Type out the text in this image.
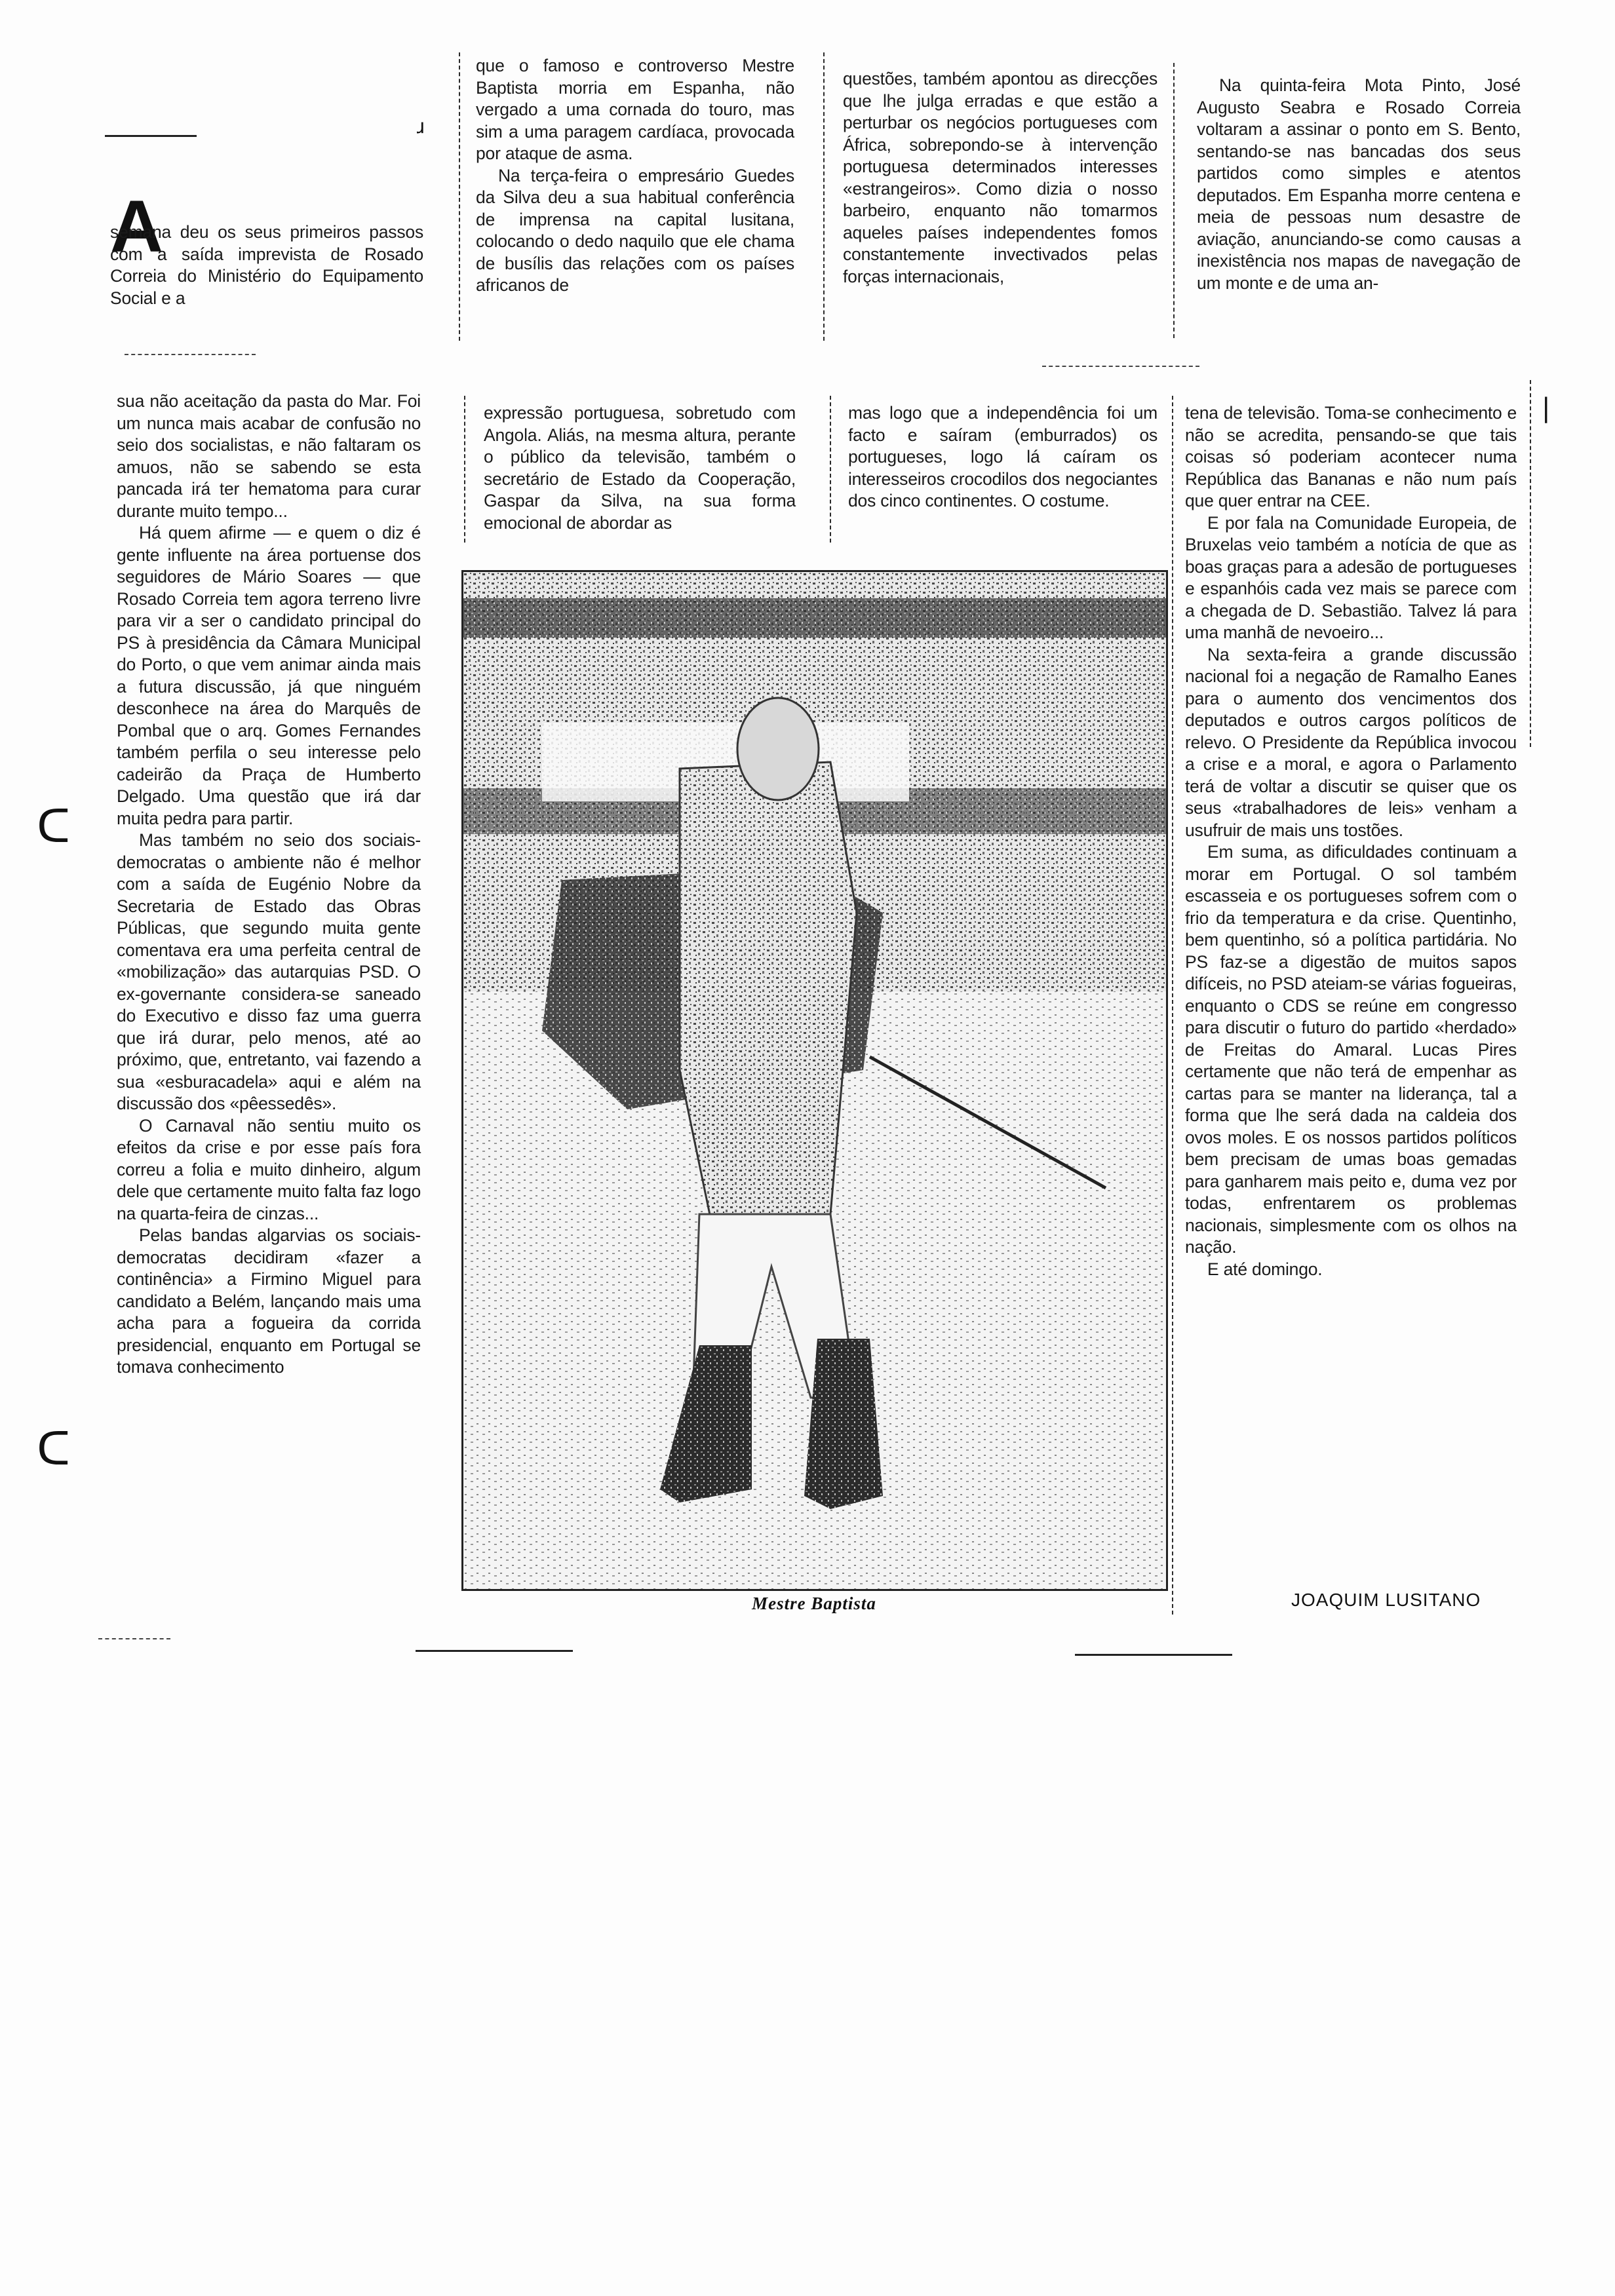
ɹ
A

semana deu os seus primeiros passos com a saída imprevista de Rosado Correia do Ministério do Equipamento Social e a

que o famoso e controverso Mestre Baptista morria em Espanha, não vergado a uma cornada do touro, mas sim a uma paragem cardíaca, provocada por ataque de asma.

Na terça-feira o empresário Guedes da Silva deu a sua habitual conferência de imprensa na capital lusitana, colocando o dedo naquilo que ele chama de busílis das relações com os países africanos de

questões, também apontou as direcções que lhe julga erradas e que estão a perturbar os negócios portugueses com África, sobrepondo-se à intervenção portuguesa determinados interesses «estrangeiros». Como dizia o nosso barbeiro, enquanto não tomarmos aqueles países independentes fomos constantemente invectivados pelas forças internacionais,

Na quinta-feira Mota Pinto, José Augusto Seabra e Rosado Correia voltaram a assinar o ponto em S. Bento, sentando-se nas bancadas dos seus partidos como simples e atentos deputados. Em Espanha morre centena e meia de pessoas num desastre de aviação, anunciando-se como causas a inexistência nos mapas de navegação de um monte e de uma an-

sua não aceitação da pasta do Mar. Foi um nunca mais acabar de confusão no seio dos socialistas, e não faltaram os amuos, não se sabendo se esta pancada irá ter hematoma para curar durante muito tempo...

Há quem afirme — e quem o diz é gente influente na área portuense dos seguidores de Mário Soares — que Rosado Correia tem agora terreno livre para vir a ser o candidato principal do PS à presidência da Câmara Municipal do Porto, o que vem animar ainda mais a futura discussão, já que ninguém desconhece na área do Marquês de Pombal que o arq. Gomes Fernandes também perfila o seu interesse pelo cadeirão da Praça de Humberto Delgado. Uma questão que irá dar muita pedra para partir.

Mas também no seio dos sociais-democratas o ambiente não é melhor com a saída de Eugénio Nobre da Secretaria de Estado das Obras Públicas, que segundo muita gente comentava era uma perfeita central de «mobilização» das autarquias PSD. O ex-governante considera-se saneado do Executivo e disso faz uma guerra que irá durar, pelo menos, até ao próximo, que, entretanto, vai fazendo a sua «esburacadela» aqui e além na discussão dos «pêessedês».

O Carnaval não sentiu muito os efeitos da crise e por esse país fora correu a folia e muito dinheiro, algum dele que certamente muito falta faz logo na quarta-feira de cinzas...

Pelas bandas algarvias os sociais-democratas decidiram «fazer a continência» a Firmino Miguel para candidato a Belém, lançando mais uma acha para a fogueira da corrida presidencial, enquanto em Portugal se tomava conhecimento

expressão portuguesa, sobretudo com Angola. Aliás, na mesma altura, perante o público da televisão, também o secretário de Estado da Cooperação, Gaspar da Silva, na sua forma emocional de abordar as

mas logo que a independência foi um facto e saíram (emburrados) os portugueses, logo lá caíram os interesseiros crocodilos dos negociantes dos cinco continentes. O costume.

tena de televisão. Toma-se conhecimento e não se acredita, pensando-se que tais coisas só poderiam acontecer numa República das Bananas e não num país que quer entrar na CEE.

E por fala na Comunidade Europeia, de Bruxelas veio também a notícia de que as boas graças para a adesão de portugueses e espanhóis cada vez mais se parece com a chegada de D. Sebastião. Talvez lá para uma manhã de nevoeiro...

Na sexta-feira a grande discussão nacional foi a negação de Ramalho Eanes para o aumento dos vencimentos dos deputados e outros cargos políticos de relevo. O Presidente da República invocou a crise e a moral, e agora o Parlamento terá de voltar a discutir se quiser que os seus «trabalhadores de leis» venham a usufruir de mais uns tostões.

Em suma, as dificuldades continuam a morar em Portugal. O sol também escasseia e os portugueses sofrem com o frio da temperatura e da crise. Quentinho, bem quentinho, só a política partidária. No PS faz-se a digestão de muitos sapos difíceis, no PSD ateiam-se várias fogueiras, enquanto o CDS se reúne em congresso para discutir o futuro do partido «herdado» de Freitas do Amaral. Lucas Pires certamente que não terá de empenhar as cartas para se manter na liderança, tal a forma que lhe será dada na caldeia dos ovos moles. E os nossos partidos políticos bem precisam de umas boas gemadas para ganharem mais peito e, duma vez por todas, enfrentarem os problemas nacionais, simplesmente com os olhos na nação.

E até domingo.

Mestre Baptista	JOAQUIM LUSITANO
ᑕ
ᑕ
|
